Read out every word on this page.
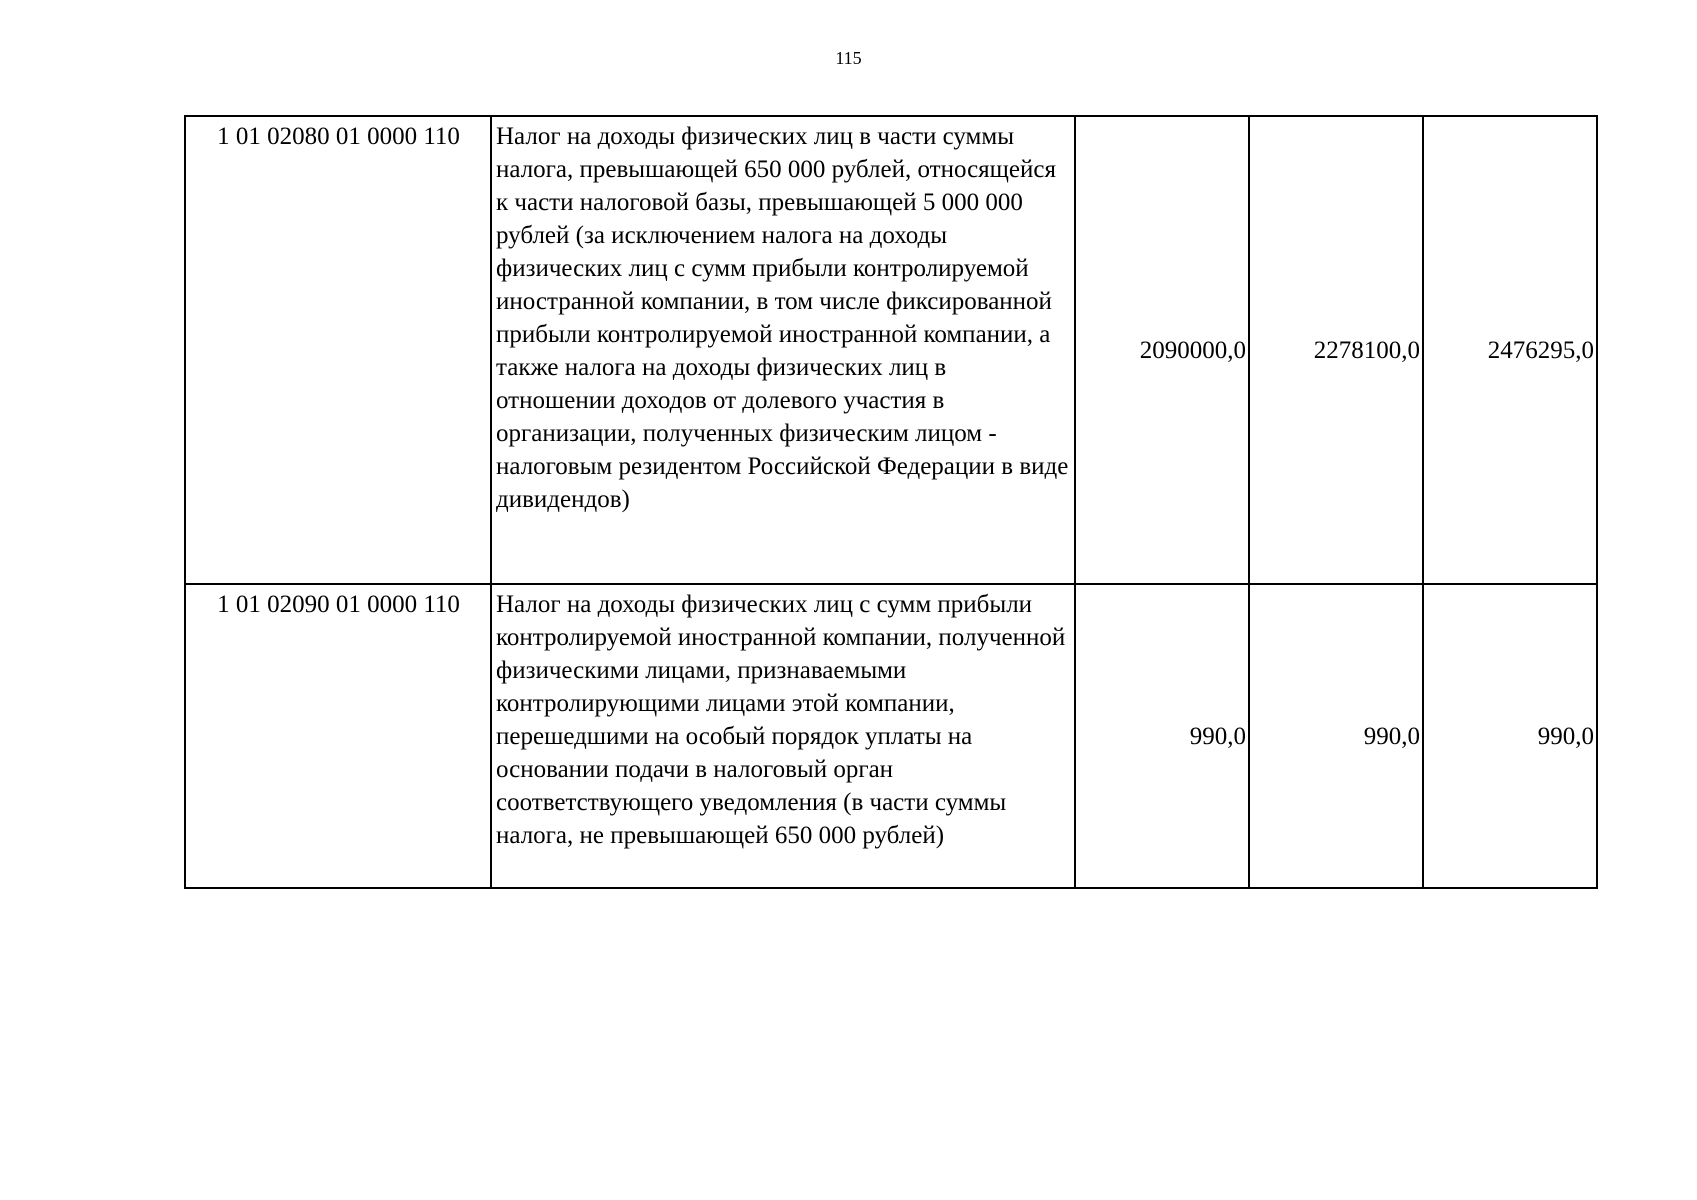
115
1 01 02080 01 0000 110	Налог на доходы физических лиц в части суммы налога, превышающей 650 000 рублей, относящейся к части налоговой базы, превышающей 5 000 000 рублей (за исключением налога на доходы физических лиц с сумм прибыли контролируемой иностранной компании, в том числе фиксированной прибыли контролируемой иностранной компании, а также налога на доходы физических лиц в отношении доходов от долевого участия в организации, полученных физическим лицом - налоговым резидентом Российской Федерации в виде дивидендов)	2090000,0	2278100,0	2476295,0
1 01 02090 01 0000 110	Налог на доходы физических лиц с сумм прибыли контролируемой иностранной компании, полученной физическими лицами, признаваемыми контролирующими лицами этой компании, перешедшими на особый порядок уплаты на основании подачи в налоговый орган соответствующего уведомления (в части суммы налога, не превышающей 650 000 рублей)	990,0	990,0	990,0
